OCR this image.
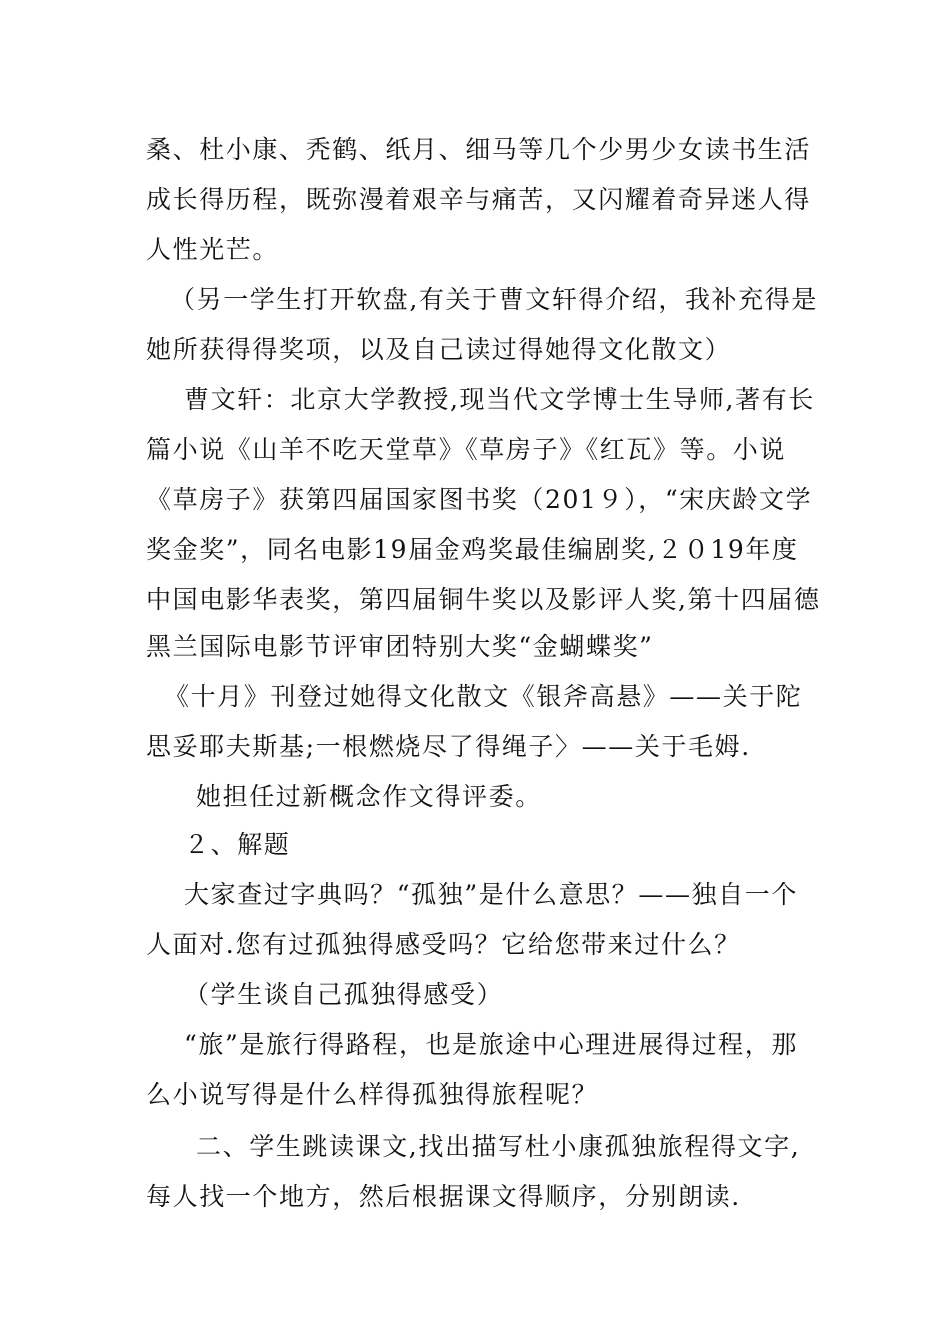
桑、杜小康、秃鹤、纸月、细马等几个少男少女读书生活
成长得历程，既弥漫着艰辛与痛苦，又闪耀着奇异迷人得
人性光芒。
（另一学生打开软盘,有关于曹文轩得介绍，我补充得是
她所获得得奖项，以及自己读过得她得文化散文）
曹文轩：北京大学教授,现当代文学博士生导师,著有长
篇小说《山羊不吃天堂草》《草房子》《红瓦》等。小说
《草房子》获第四届国家图书奖（201９），“宋庆龄文学
奖金奖”，同名电影19届金鸡奖最佳编剧奖,２０19年度
中国电影华表奖，第四届铜牛奖以及影评人奖,第十四届德
黑兰国际电影节评审团特别大奖“金蝴蝶奖”
《十月》刊登过她得文化散文《银斧高悬》——关于陀
思妥耶夫斯基;一根燃烧尽了得绳子〉——关于毛姆.
她担任过新概念作文得评委。
２、解题
大家查过字典吗？“孤独”是什么意思？——独自一个
人面对.您有过孤独得感受吗？它给您带来过什么？
（学生谈自己孤独得感受）
“旅”是旅行得路程，也是旅途中心理进展得过程，那
么小说写得是什么样得孤独得旅程呢？
二、学生跳读课文,找出描写杜小康孤独旅程得文字,
每人找一个地方，然后根据课文得顺序，分别朗读.
